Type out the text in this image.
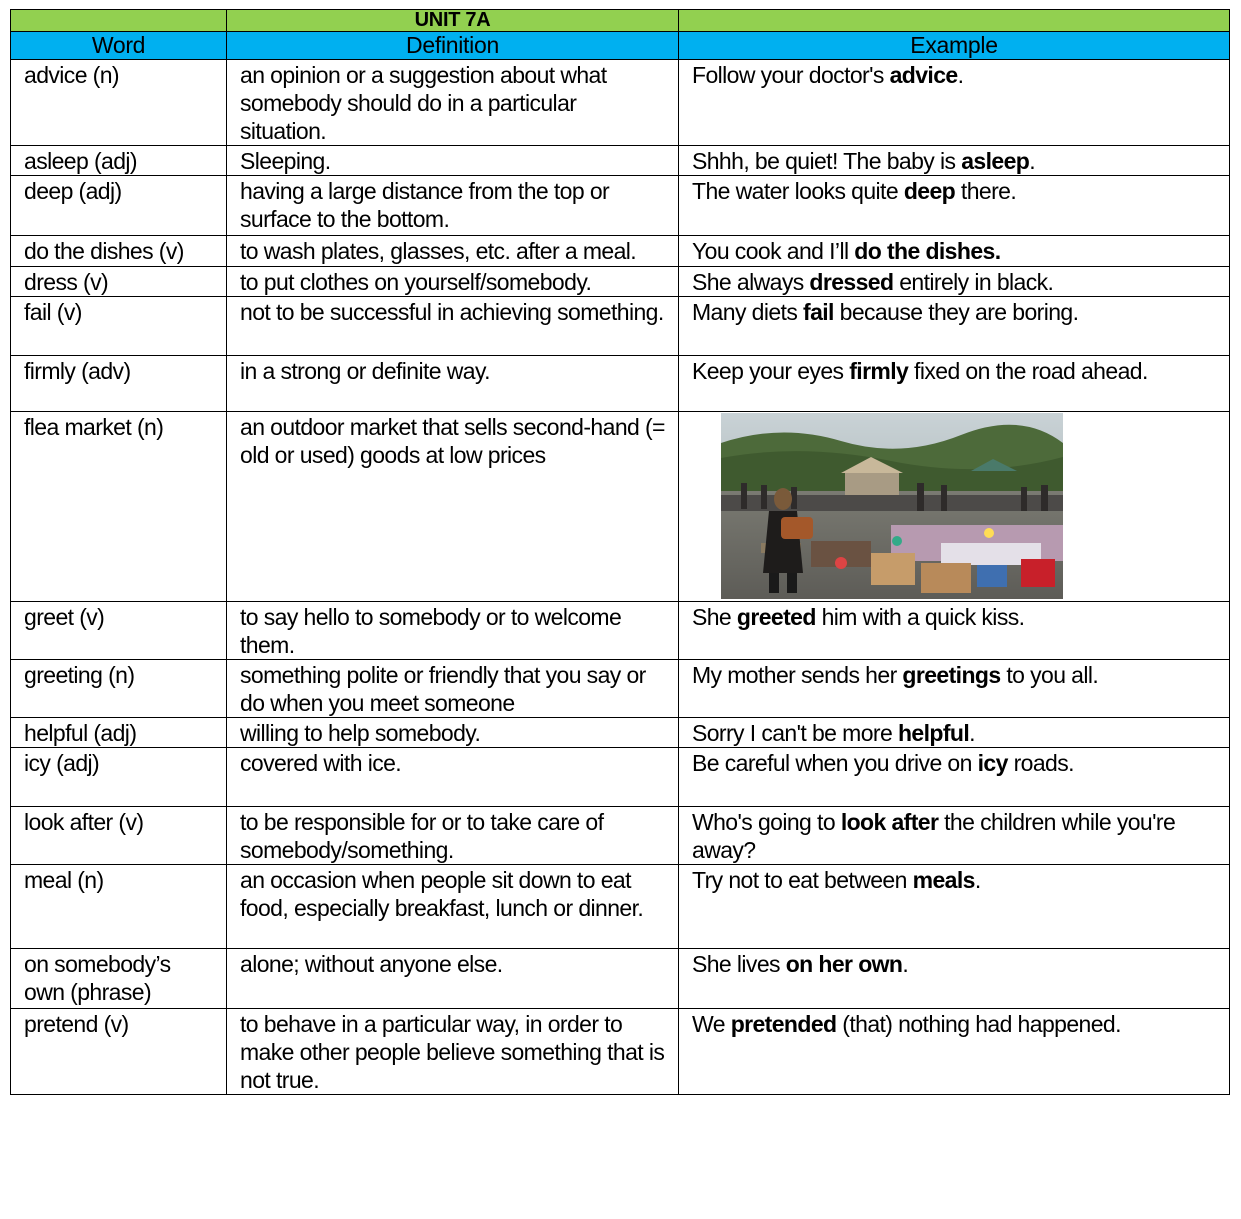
	UNIT 7A	
Word	Definition	Example
advice (n)	an opinion or a suggestion about what somebody should do in a particular situation.	Follow your doctor's advice.
asleep (adj)	Sleeping.	Shhh, be quiet! The baby is asleep.
deep (adj)	having a large distance from the top or surface to the bottom.	The water looks quite deep there.
do the dishes (v)	to wash plates, glasses, etc. after a meal.	You cook and I’ll do the dishes.
dress (v)	to put clothes on yourself/somebody.	She always dressed entirely in black.
fail (v)	not to be successful in achieving something.	Many diets fail because they are boring.
firmly (adv)	in a strong or definite way.	Keep your eyes firmly fixed on the road ahead.
flea market (n)	an outdoor market that sells second-hand (= old or used) goods at low prices	

greet (v)	to say hello to somebody or to welcome them.	She greeted him with a quick kiss.
greeting (n)	something polite or friendly that you say or do when you meet someone	My mother sends her greetings to you all.
helpful (adj)	willing to help somebody.	Sorry I can't be more helpful.
icy (adj)	covered with ice.	Be careful when you drive on icy roads.
look after (v)	to be responsible for or to take care of somebody/something.	Who's going to look after the children while you're away?
meal (n)	an occasion when people sit down to eat food, especially breakfast, lunch or dinner.	Try not to eat between meals.
on somebody’s own (phrase)	alone; without anyone else.	She lives on her own.
pretend (v)	to behave in a particular way, in order to make other people believe something that is not true.	We pretended (that) nothing had happened.
